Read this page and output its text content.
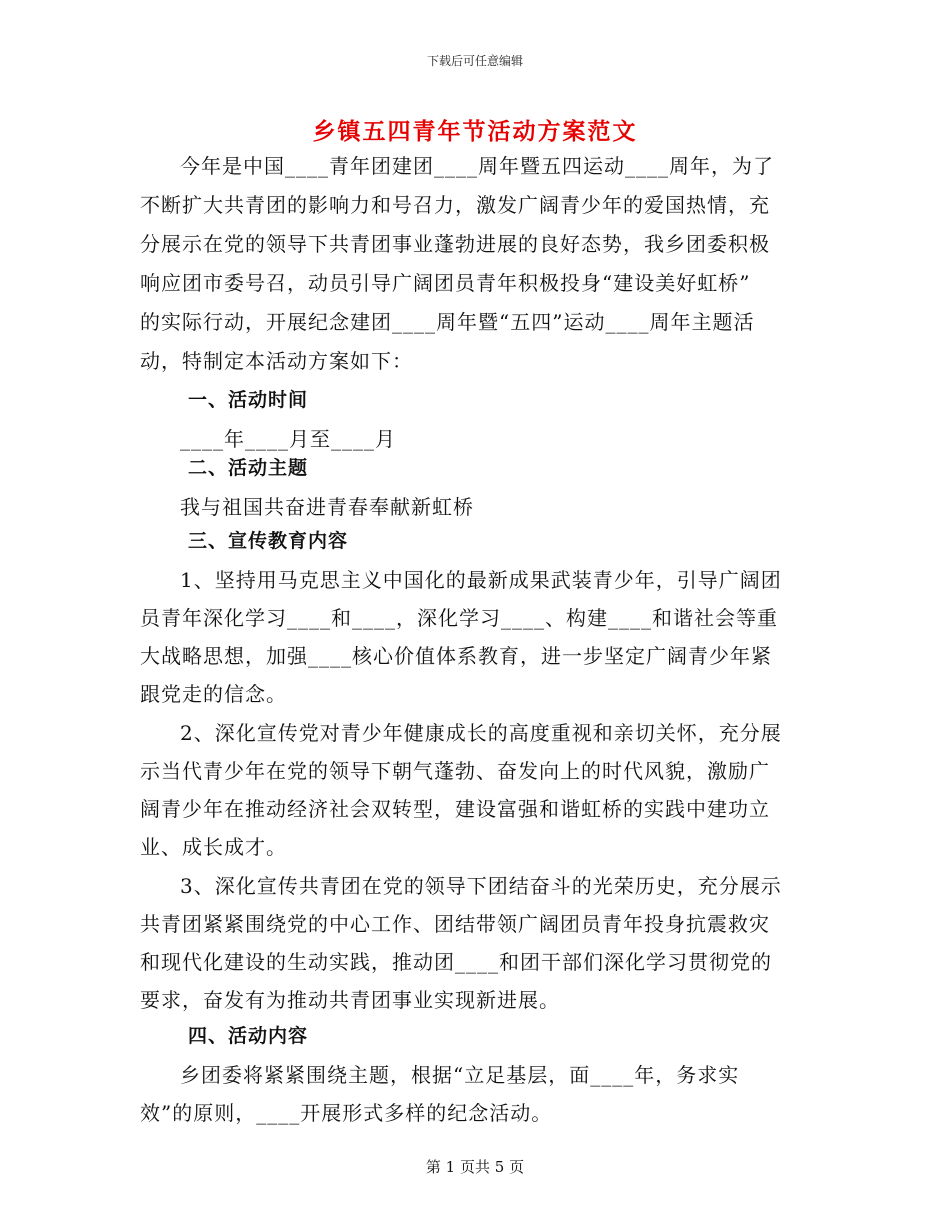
下载后可任意编辑
乡镇五四青年节活动方案范文
今年是中国____青年团建团____周年暨五四运动____周年，为了
不断扩大共青团的影响力和号召力，激发广阔青少年的爱国热情，充
分展示在党的领导下共青团事业蓬勃进展的良好态势，我乡团委积极
响应团市委号召，动员引导广阔团员青年积极投身“建设美好虹桥”
的实际行动，开展纪念建团____周年暨“五四”运动____周年主题活
动，特制定本活动方案如下：
一、活动时间
____年____月至____月
二、活动主题
我与祖国共奋进青春奉献新虹桥
三、宣传教育内容
1、坚持用马克思主义中国化的最新成果武装青少年，引导广阔团
员青年深化学习____和____，深化学习____、构建____和谐社会等重
大战略思想，加强____核心价值体系教育，进一步坚定广阔青少年紧
跟党走的信念。
2、深化宣传党对青少年健康成长的高度重视和亲切关怀，充分展
示当代青少年在党的领导下朝气蓬勃、奋发向上的时代风貌，激励广
阔青少年在推动经济社会双转型，建设富强和谐虹桥的实践中建功立
业、成长成才。
3、深化宣传共青团在党的领导下团结奋斗的光荣历史，充分展示
共青团紧紧围绕党的中心工作、团结带领广阔团员青年投身抗震救灾
和现代化建设的生动实践，推动团____和团干部们深化学习贯彻党的
要求，奋发有为推动共青团事业实现新进展。
四、活动内容
乡团委将紧紧围绕主题，根据“立足基层，面____年，务求实
效”的原则，____开展形式多样的纪念活动。
第 1 页共 5 页
